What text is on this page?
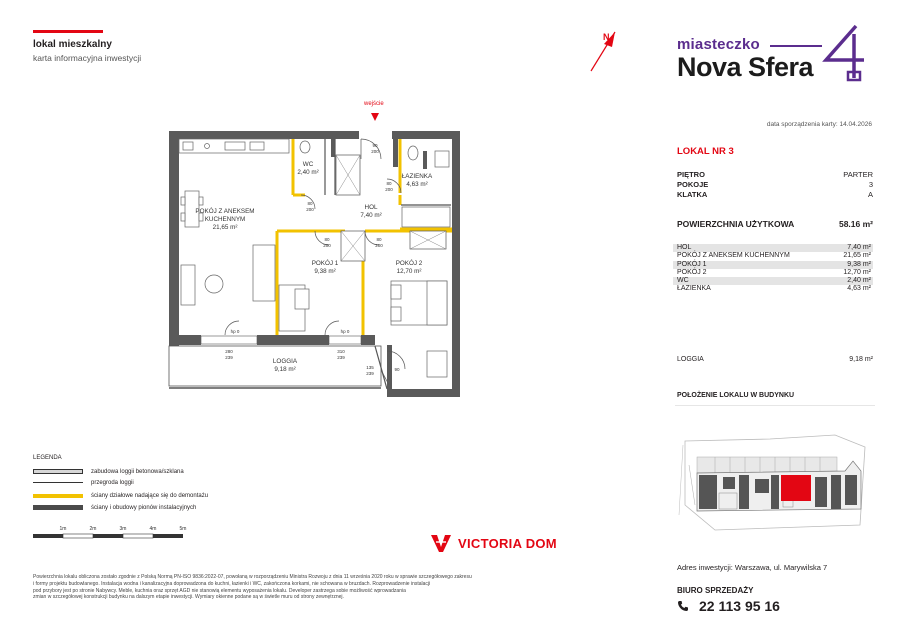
lokal mieszkalny
karta informacyjna inwestycji
N	miasteczko
Nova Sfera
data sporządzenia karty: 14.04.2026
LOKAL NR 3
PIĘTRO	PARTER
POKOJE	3
KLATKA	A
POWIERZCHNIA UŻYTKOWA	58.16 m²
HOL	7,40 m²
POKÓJ Z ANEKSEM KUCHENNYM	21,65 m²
POKÓJ 1	9,38 m²
POKÓJ 2	12,70 m²
WC	2,40 m²
ŁAZIENKA	4,63 m²
LOGGIA	9,18 m²
POŁOŻENIE LOKALU W BUDYNKU
Adres inwestycji: Warszawa, ul. Marywilska 7
BIURO SPRZEDAŻY
22 113 95 16
wejście
POKÓJ Z ANEKSEM
KUCHENNYM
21,65 m²
WC
2,40 m²
ŁAZIENKA
4,63 m²
HOL
7,40 m²
POKÓJ 1
9,38 m²
POKÓJ 2
12,70 m²
LOGGIA
9,18 m²
90
200
80
200
80
200
80
200
80
200
hp 0	hp 0
280
239
310
239
135
239
90
LEGENDA
zabudowa loggii betonowa/szklana
przegroda loggii
ściany działowe nadające się do demontażu
ściany i obudowy pionów instalacyjnych
1m	2m	3m	4m	5m
VICTORIA DOM
Powierzchnia lokalu obliczona zostało zgodnie z Polską Normą PN-ISO 9836:2022-07, powołaną w rozporządzeniu Ministra Rozwoju z dnia 11 września 2020 roku w sprawie szczegółowego zakresu
i formy projektu budowlanego. Instalacja wodna i kanalizacyjna doprowadzona do kuchni, łazienki i WC, zakończona korkami, nie schowana w bruzdach. Rozprowadzenie instalacji
pod przybory jest po stronie Nabywcy. Meble, kuchnia oraz sprzęt AGD nie stanowią elementu wyposażenia lokalu. Developer zastrzega sobie możliwość wprowadzania
zmian w szczegółowej konstrukcji budynku na dalszym etapie inwestycji. Wymiary okienne podane są w świetle muru od strony zewnętrznej.
